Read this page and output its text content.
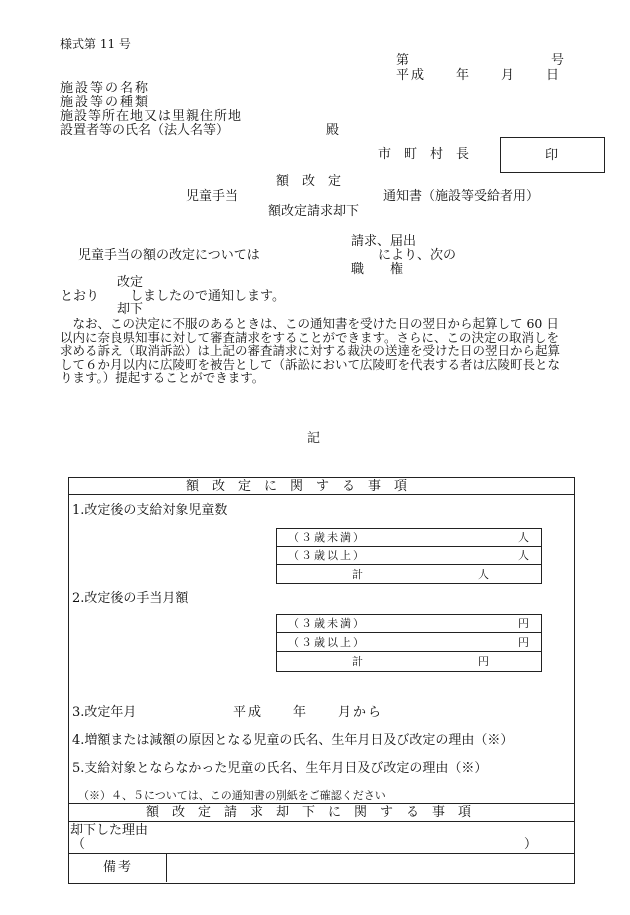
様式第 11 号
第	号
平成　　年　　月　　日
施設等の名称
施設等の種類
施設等所在地又は里親住所地
設置者等の氏名（法人名等）	殿
市　町　村　長	印
額　改　定
児童手当	通知書（施設等受給者用）
額改定請求却下
請求、届出
児童手当の額の改定については	により、次の
職　　権
改定
とおり しましたので通知します。
却下
　なお、この決定に不服のあるときは、この通知書を受けた日の翌日から起算して 60 日以内に奈良県知事に対して審査請求をすることができます。さらに、この決定の取消しを求める訴え（取消訴訟）は上記の審査請求に対する裁決の送達を受けた日の翌日から起算して６か月以内に広陵町を被告として（訴訟において広陵町を代表する者は広陵町長となります。）提起することができます。
記
額　改　定　に　関　す　る　事　項
1.改定後の支給対象児童数
（３歳未満）	人
（３歳以上）	人
計	人
2.改定後の手当月額
（３歳未満）	円
（３歳以上）	円
計	円
3.改定年月	平成　　年　　月から
4.増額または減額の原因となる児童の氏名、生年月日及び改定の理由（※）
5.支給対象とならなかった児童の氏名、生年月日及び改定の理由（※）
（※）４、５については、この通知書の別紙をご確認ください
額　改　定　請　求　却　下　に　関　す　る　事　項
却下した理由
（	）
備考
